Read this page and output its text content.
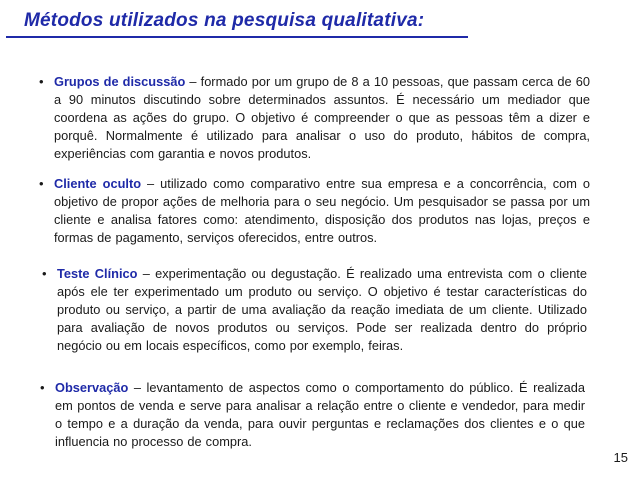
Métodos utilizados na pesquisa qualitativa:
• Grupos de discussão – formado por um grupo de 8 a 10 pessoas, que passam cerca de 60 a 90 minutos discutindo sobre determinados assuntos. É necessário um mediador que coordena as ações do grupo. O objetivo é compreender o que as pessoas têm a dizer e porquê. Normalmente é utilizado para analisar o uso do produto, hábitos de compra, experiências com garantia e novos produtos.
• Cliente oculto – utilizado como comparativo entre sua empresa e a concorrência, com o objetivo de propor ações de melhoria para o seu negócio. Um pesquisador se passa por um cliente e analisa fatores como: atendimento, disposição dos produtos nas lojas, preços e formas de pagamento, serviços oferecidos, entre outros.
• Teste Clínico – experimentação ou degustação. É realizado uma entrevista com o cliente após ele ter experimentado um produto ou serviço. O objetivo é testar características do produto ou serviço, a partir de uma avaliação da reação imediata de um cliente. Utilizado para avaliação de novos produtos ou serviços. Pode ser realizada dentro do próprio negócio ou em locais específicos, como por exemplo, feiras.
• Observação – levantamento de aspectos como o comportamento do público. É realizada em pontos de venda e serve para analisar a relação entre o cliente e vendedor, para medir o tempo e a duração da venda, para ouvir perguntas e reclamações dos clientes e o que influencia no processo de compra.
15
